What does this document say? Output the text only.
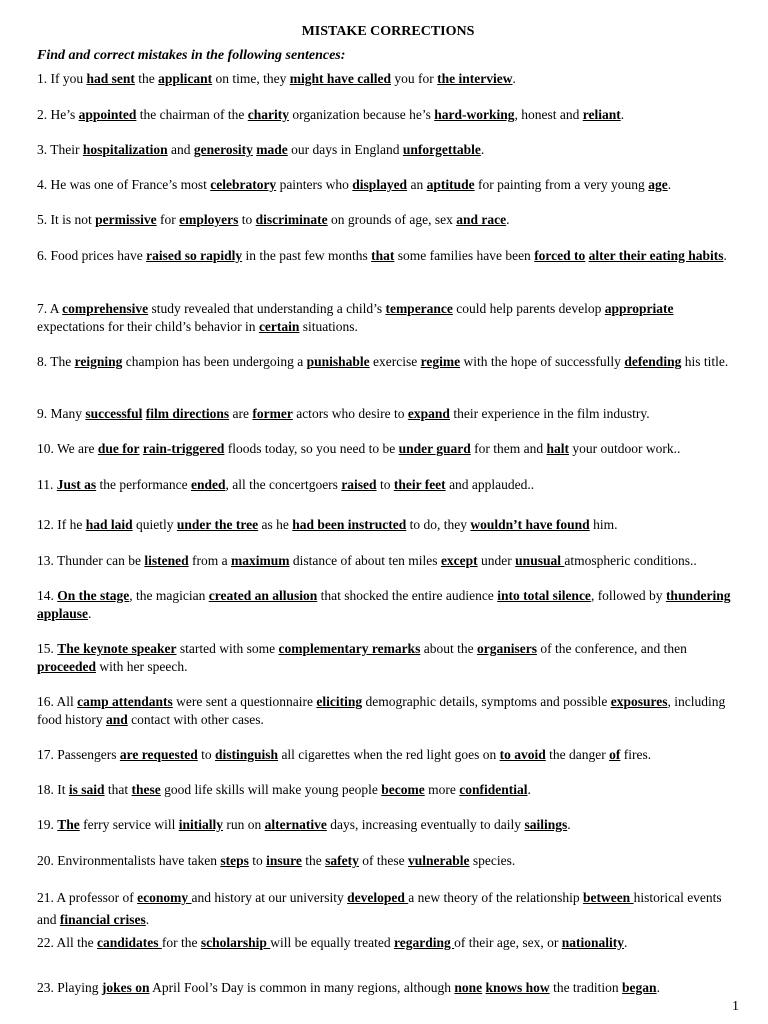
MISTAKE CORRECTIONS
Find and correct mistakes in the following sentences:
1. If you had sent the applicant on time, they might have called you for the interview.
2. He’s appointed the chairman of the charity organization because he’s hard-working, honest and reliant.
3. Their hospitalization and generosity made our days in England unforgettable.
4. He was one of France’s most celebratory painters who displayed an aptitude for painting from a very young age.
5. It is not permissive for employers to discriminate on grounds of age, sex and race.
6. Food prices have raised so rapidly in the past few months that some families have been forced to alter their eating habits.
7. A comprehensive study revealed that understanding a child’s temperance could help parents develop appropriate expectations for their child’s behavior in certain situations.
8. The reigning champion has been undergoing a punishable exercise regime with the hope of successfully defending his title.
9. Many successful film directions are former actors who desire to expand their experience in the film industry.
10. We are due for rain-triggered floods today, so you need to be under guard for them and halt your outdoor work..
11. Just as the performance ended, all the concertgoers raised to their feet and applauded..
12. If he had laid quietly under the tree as he had been instructed to do, they wouldn’t have found him.
13. Thunder can be listened from a maximum distance of about ten miles except under unusual atmospheric conditions..
14. On the stage, the magician created an allusion that shocked the entire audience into total silence, followed by thundering applause.
15. The keynote speaker started with some complementary remarks about the organisers of the conference, and then proceeded with her speech.
16. All camp attendants were sent a questionnaire eliciting demographic details, symptoms and possible exposures, including food history and contact with other cases.
17. Passengers are requested to distinguish all cigarettes when the red light goes on to avoid the danger of fires.
18. It is said that these good life skills will make young people become more confidential.
19. The ferry service will initially run on alternative days, increasing eventually to daily sailings.
20. Environmentalists have taken steps to insure the safety of these vulnerable species.
21. A professor of economy and history at our university developed a new theory of the relationship between historical events and financial crises.
22. All the candidates for the scholarship will be equally treated regarding of their age, sex, or nationality.
23. Playing jokes on April Fool’s Day is common in many regions, although none knows how the tradition began.
1
